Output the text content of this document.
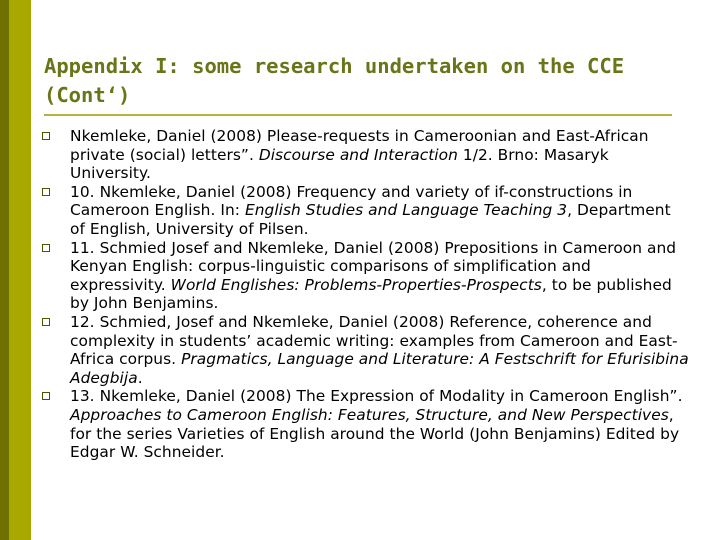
Appendix I: some research undertaken on the CCE (Cont‘)
Nkemleke, Daniel (2008) Please-requests in Cameroonian and East-African private (social) letters”. Discourse and Interaction 1/2. Brno: Masaryk University.
10. Nkemleke, Daniel (2008) Frequency and variety of if-constructions in Cameroon English. In: English Studies and Language Teaching 3, Department of English, University of Pilsen.
11. Schmied Josef and Nkemleke, Daniel (2008) Prepositions in Cameroon and Kenyan English: corpus-linguistic comparisons of simplification and expressivity. World Englishes: Problems-Properties-Prospects, to be published by John Benjamins.
12. Schmied, Josef and Nkemleke, Daniel (2008) Reference, coherence and complexity in students’ academic writing: examples from Cameroon and East-Africa corpus. Pragmatics, Language and Literature: A Festschrift for Efurisibina Adegbija.
13. Nkemleke, Daniel (2008) The Expression of Modality in Cameroon English”. Approaches to Cameroon English: Features, Structure, and New Perspectives, for the series Varieties of English around the World (John Benjamins) Edited by Edgar W. Schneider.
